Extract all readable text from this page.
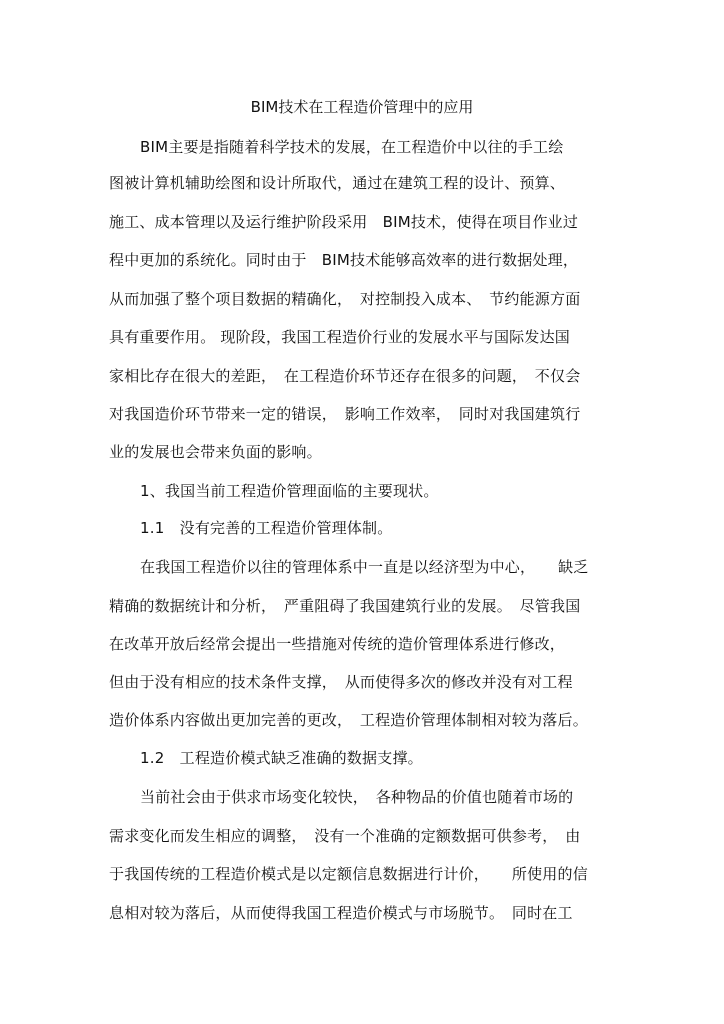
BIM技术在工程造价管理中的应用
BIM主要是指随着科学技术的发展，在工程造价中以往的手工绘
图被计算机辅助绘图和设计所取代，通过在建筑工程的设计、预算、
施工、成本管理以及运行维护阶段采用　BIM技术，使得在项目作业过
程中更加的系统化。同时由于　BIM技术能够高效率的进行数据处理，
从而加强了整个项目数据的精确化，　对控制投入成本、　节约能源方面
具有重要作用。 现阶段，我国工程造价行业的发展水平与国际发达国
家相比存在很大的差距，　在工程造价环节还存在很多的问题，　不仅会
对我国造价环节带来一定的错误，　影响工作效率，　同时对我国建筑行
业的发展也会带来负面的影响。
1、我国当前工程造价管理面临的主要现状。
1.1　没有完善的工程造价管理体制。
在我国工程造价以往的管理体系中一直是以经济型为中心，　　缺乏
精确的数据统计和分析，　严重阻碍了我国建筑行业的发展。　尽管我国
在改革开放后经常会提出一些措施对传统的造价管理体系进行修改，
但由于没有相应的技术条件支撑，　从而使得多次的修改并没有对工程
造价体系内容做出更加完善的更改，　工程造价管理体制相对较为落后。
1.2　工程造价模式缺乏准确的数据支撑。
当前社会由于供求市场变化较快，　各种物品的价值也随着市场的
需求变化而发生相应的调整，　没有一个准确的定额数据可供参考，　由
于我国传统的工程造价模式是以定额信息数据进行计价，　　所使用的信
息相对较为落后，从而使得我国工程造价模式与市场脱节。　同时在工
